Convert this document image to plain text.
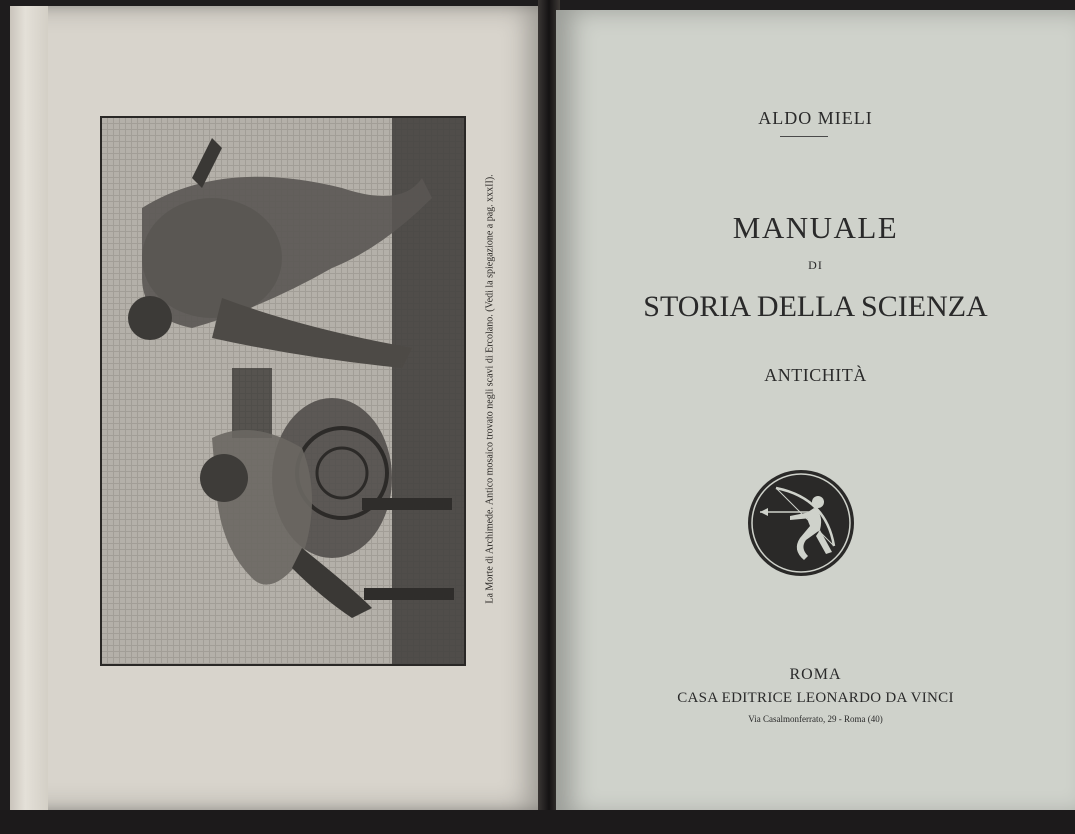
La Morte di Archimede. Antico mosaico trovato negli scavi di Ercolano. (Vedi la spiegazione a pag. xxxII).
ALDO MIELI
MANUALE
DI
STORIA DELLA SCIENZA
ANTICHITÀ
ROMA
CASA EDITRICE LEONARDO DA VINCI
Via Casalmonferrato, 29 - Roma (40)
